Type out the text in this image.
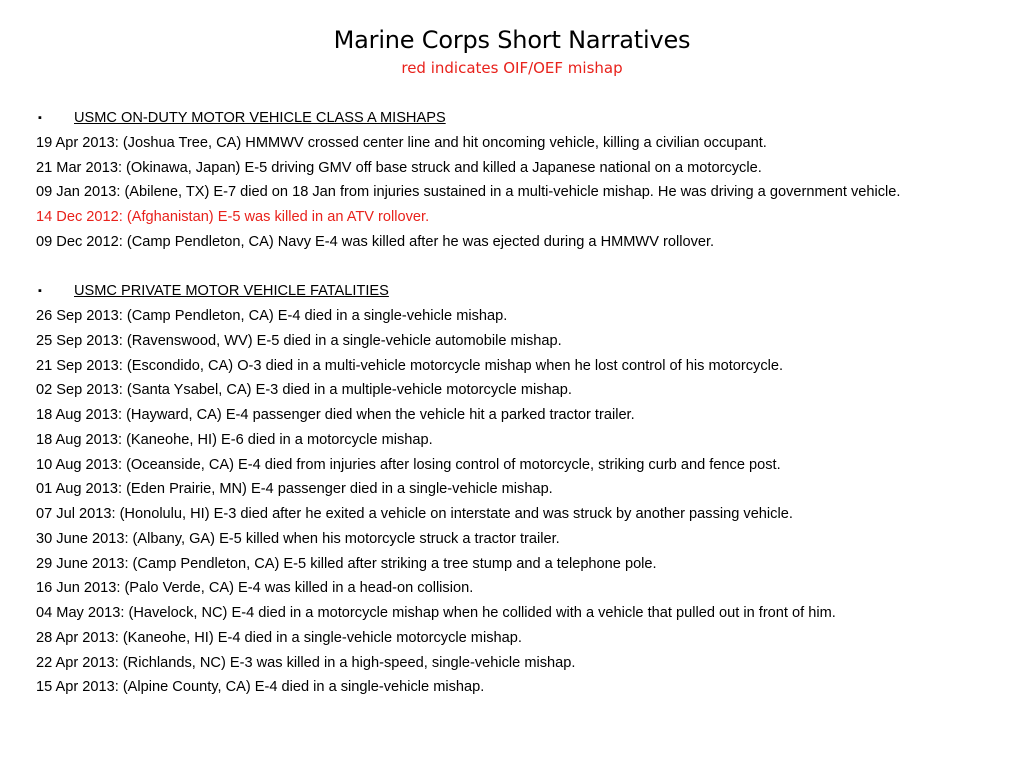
Marine Corps Short Narratives
red indicates OIF/OEF mishap
▪ USMC ON-DUTY MOTOR VEHICLE CLASS A MISHAPS
19 Apr 2013: (Joshua Tree, CA) HMMWV crossed center line and hit oncoming vehicle, killing a civilian occupant.
21 Mar 2013: (Okinawa, Japan) E-5 driving GMV off base struck and killed a Japanese national on a motorcycle.
09 Jan 2013: (Abilene, TX) E-7 died on 18 Jan from injuries sustained in a multi-vehicle mishap. He was driving a government vehicle.
14 Dec 2012: (Afghanistan) E-5 was killed in an ATV rollover.
09 Dec 2012: (Camp Pendleton, CA) Navy E-4 was killed after he was ejected during a HMMWV rollover.
▪ USMC PRIVATE MOTOR VEHICLE FATALITIES
26 Sep 2013: (Camp Pendleton, CA) E-4 died in a single-vehicle mishap.
25 Sep 2013: (Ravenswood, WV) E-5 died in a single-vehicle automobile mishap.
21 Sep 2013: (Escondido, CA) O-3 died in a multi-vehicle motorcycle mishap when he lost control of his motorcycle.
02 Sep 2013: (Santa Ysabel, CA) E-3 died in a multiple-vehicle motorcycle mishap.
18 Aug 2013: (Hayward, CA) E-4 passenger died when the vehicle hit a parked tractor trailer.
18 Aug 2013: (Kaneohe, HI) E-6 died in a motorcycle mishap.
10 Aug 2013: (Oceanside, CA) E-4 died from injuries after losing control of motorcycle, striking curb and fence post.
01 Aug 2013: (Eden Prairie, MN) E-4 passenger died in a single-vehicle mishap.
07 Jul 2013: (Honolulu, HI) E-3 died after he exited a vehicle on interstate and was struck by another passing vehicle.
30 June 2013: (Albany, GA) E-5 killed when his motorcycle struck a tractor trailer.
29 June 2013: (Camp Pendleton, CA) E-5 killed after striking a tree stump and a telephone pole.
16 Jun 2013: (Palo Verde, CA) E-4 was killed in a head-on collision.
04 May 2013: (Havelock, NC) E-4 died in a motorcycle mishap when he collided with a vehicle that pulled out in front of him.
28 Apr 2013: (Kaneohe, HI) E-4 died in a single-vehicle motorcycle mishap.
22 Apr 2013: (Richlands, NC) E-3 was killed in a high-speed, single-vehicle mishap.
15 Apr 2013: (Alpine County, CA) E-4 died in a single-vehicle mishap.
